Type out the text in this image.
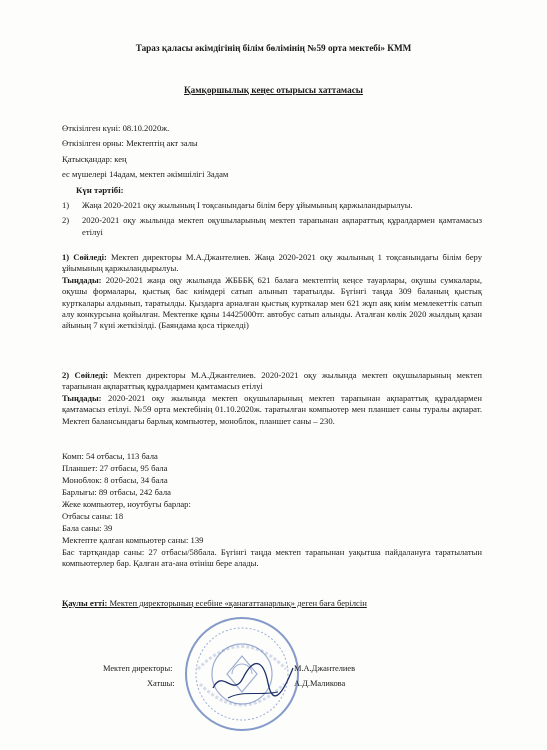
Тараз қаласы әкімдігінің білім бөлімінің №59 орта мектебі» КММ
Қамқоршылық кеңес отырысы хаттамасы
Өткізілген күні: 08.10.2020ж.
Өткізілген орны: Мектептің акт залы
Қатысқандар: кең
ес мүшелері 14адам, мектеп әкімшілігі 3адам
Күн тәртібі:
1) Жаңа 2020-2021 оқу жылының I тоқсанындағы білім беру ұйымының қаржыландырылуы.
2) 2020-2021 оқу жылында мектеп оқушыларының мектеп тарапынан ақпараттық құралдармен қамтамасыз етілуі
1) Сөйледі: Мектеп директоры М.А.Джантелиев. Жаңа 2020-2021 оқу жылының 1 тоқсанындағы білім беру ұйымының қаржыландырылуы.
Тыңдады: 2020-2021 жаңа оқу жылында ЖБББҚ 621 балаға мектептің кеңсе тауарлары, оқушы сумкалары, оқушы формалары, қыстық бас киімдері сатып алынып таратылды. Бүгінгі таңда 309 баланың қыстық курткалары алдынып, таратылды. Қыздарға арналған қыстық курткалар мен 621 жұп аяқ киім мемлекеттік сатып алу конкурсына қойылған. Мектепке құны 14425000тг. автобус сатып алынды. Аталған көлік 2020 жылдың қазан айының 7 күні жеткізілді. (Баяндама қоса тіркелді)
2) Сөйледі: Мектеп директоры М.А.Джантелиев. 2020-2021 оқу жылында мектеп оқушыларының мектеп тарапынан ақпараттық құралдармен қамтамасыз етілуі
Тыңдады: 2020-2021 оқу жылында мектеп оқушыларының мектеп тарапынан ақпараттық құралдармен қамтамасыз етілуі. №59 орта мектебінің 01.10.2020ж. таратылған компьютер мен планшет саны туралы ақпарат. Мектеп балансындағы барлық компьютер, моноблок, планшет саны – 230.
Комп: 54 отбасы, 113 бала
Планшет: 27 отбасы, 95 бала
Моноблок: 8 отбасы, 34 бала
Барлығы: 89 отбасы, 242 бала
Жеке компьютер, ноутбугы барлар:
Отбасы саны: 18
Бала саны: 39
Мектепте қалған компьютер саны: 139
Бас тартқандар саны: 27 отбасы/58бала. Бүгінгі таңда мектеп тарапынан уақытша пайдалануға таратылатын компьютерлер бар. Қалған ата-ана өтініш бере алады.
Қаулы етті: Мектеп директорының есебіне «қанағаттанарлық» деген баға берілсін
Мектеп директоры:	М.А.Джантелиев
Хатшы:	А.Д.Маликова
